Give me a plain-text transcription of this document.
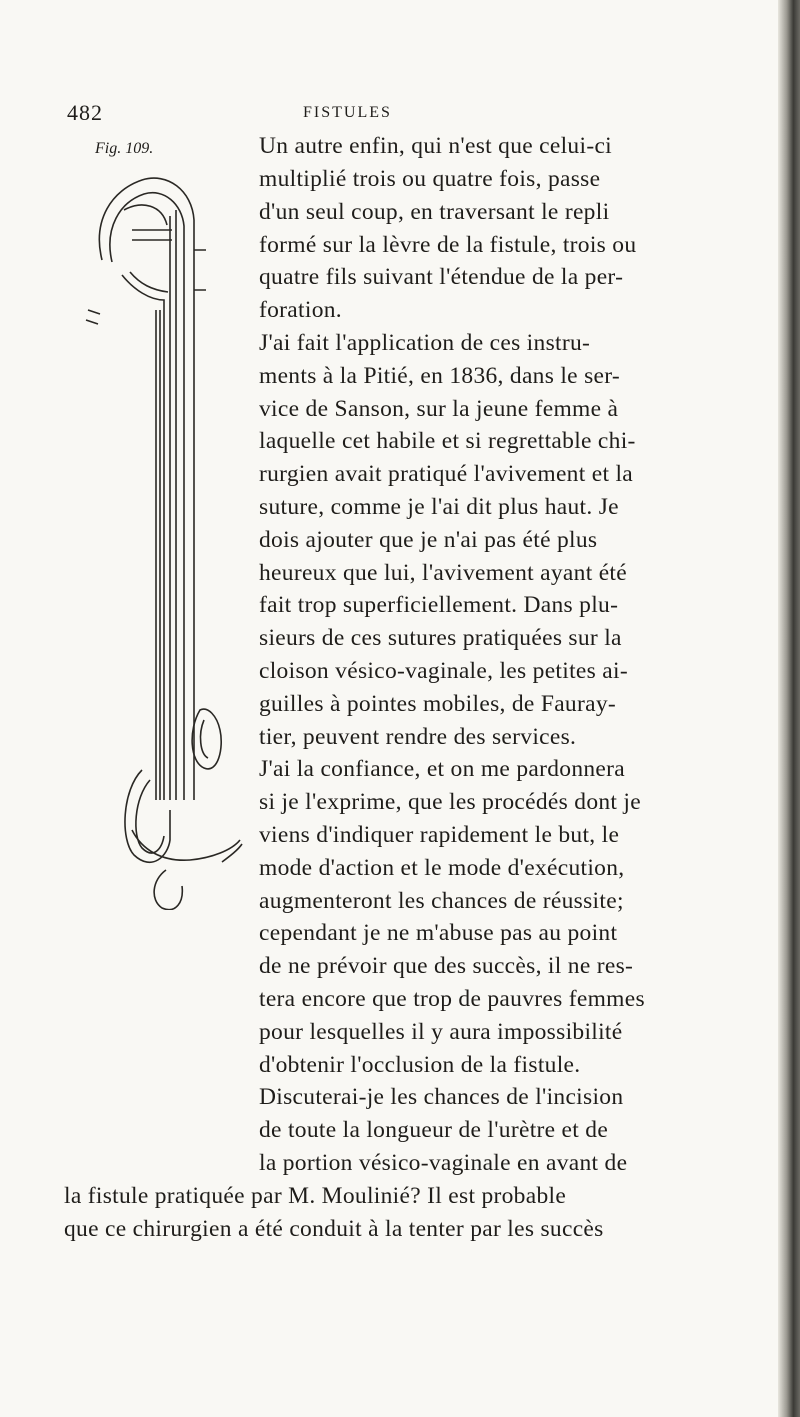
482	FISTULES
Fig. 109.	Un autre enfin, qui n'est que celui-ci
multiplié trois ou quatre fois, passe
d'un seul coup, en traversant le repli
formé sur la lèvre de la fistule, trois ou
quatre fils suivant l'étendue de la per-
foration.
J'ai fait l'application de ces instru-
ments à la Pitié, en 1836, dans le ser-
vice de Sanson, sur la jeune femme à
laquelle cet habile et si regrettable chi-
rurgien avait pratiqué l'avivement et la
suture, comme je l'ai dit plus haut. Je
dois ajouter que je n'ai pas été plus
heureux que lui, l'avivement ayant été
fait trop superficiellement. Dans plu-
sieurs de ces sutures pratiquées sur la
cloison vésico-vaginale, les petites ai-
guilles à pointes mobiles, de Fauray-
tier, peuvent rendre des services.
J'ai la confiance, et on me pardonnera
si je l'exprime, que les procédés dont je
viens d'indiquer rapidement le but, le
mode d'action et le mode d'exécution,
augmenteront les chances de réussite;
cependant je ne m'abuse pas au point
de ne prévoir que des succès, il ne res-
tera encore que trop de pauvres femmes
pour lesquelles il y aura impossibilité
d'obtenir l'occlusion de la fistule.
Discuterai-je les chances de l'incision
de toute la longueur de l'urètre et de
la portion vésico-vaginale en avant de
la fistule pratiquée par M. Moulinié? Il est probable
que ce chirurgien a été conduit à la tenter par les succès
